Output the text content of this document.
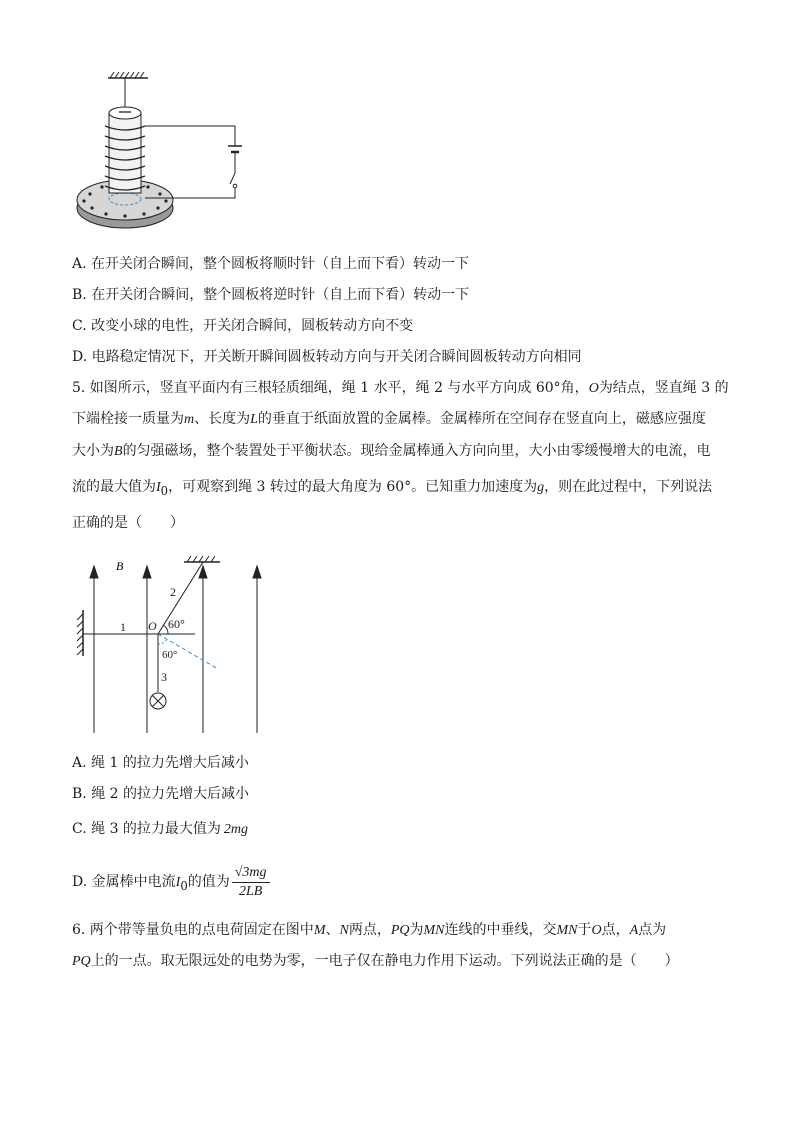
A. 在开关闭合瞬间，整个圆板将顺时针（自上而下看）转动一下
B. 在开关闭合瞬间，整个圆板将逆时针（自上而下看）转动一下
C. 改变小球的电性，开关闭合瞬间，圆板转动方向不变
D. 电路稳定情况下，开关断开瞬间圆板转动方向与开关闭合瞬间圆板转动方向相同
5. 如图所示，竖直平面内有三根轻质细绳，绳 1 水平，绳 2 与水平方向成 60°角，O为结点，竖直绳 3 的
下端栓接一质量为m、长度为L的垂直于纸面放置的金属棒。金属棒所在空间存在竖直向上，磁感应强度
大小为B的匀强磁场，整个装置处于平衡状态。现给金属棒通入方向向里，大小由零缓慢增大的电流，电
流的最大值为$I_0$，可观察到绳 3 转过的最大角度为 60°。已知重力加速度为g，则在此过程中，下列说法
正确的是（　　）
B
1
2
3
O 60°
60°
A. 绳 1 的拉力先增大后减小
B. 绳 2 的拉力先增大后减小
C. 绳 3 的拉力最大值为 2mg
D. 金属棒中电流$I_0$的值为 $\frac{√3mg}{2LB}$
6. 两个带等量负电的点电荷固定在图中M、N两点，PQ为MN连线的中垂线，交MN于O点，A点为
PQ上的一点。取无限远处的电势为零，一电子仅在静电力作用下运动。下列说法正确的是（　　）
